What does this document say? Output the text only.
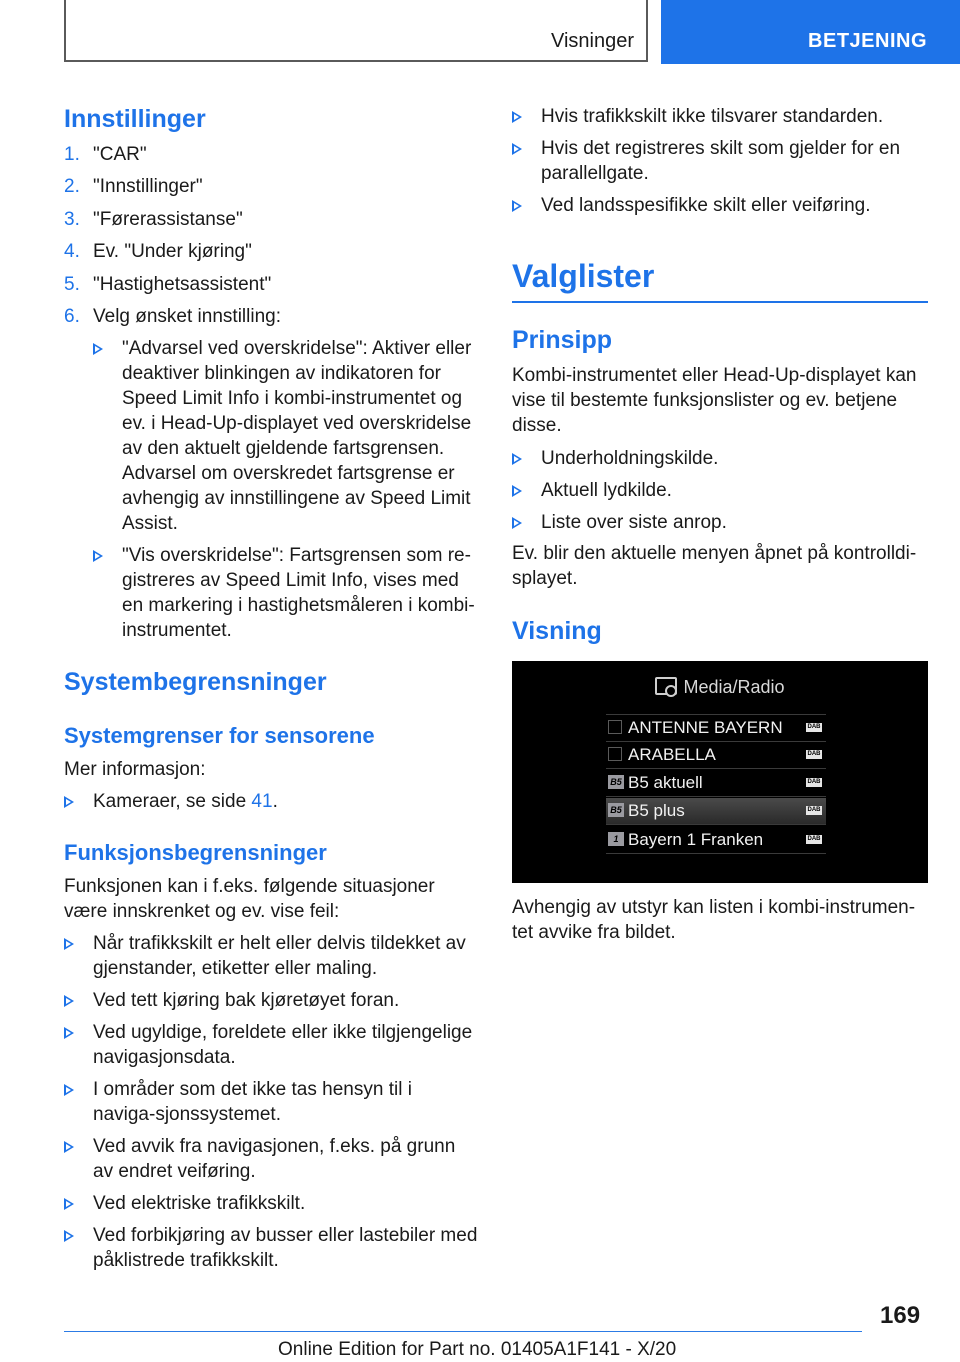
Visninger	BETJENING
Innstillinger
1. "CAR"
2. "Innstillinger"
3. "Førerassistanse"
4. Ev. "Under kjøring"
5. "Hastighetsassistent"
6. Velg ønsket innstilling:
"Advarsel ved overskridelse": Aktiver eller deaktiver blinkingen av indikatoren for Speed Limit Info i kombi-instrumentet og ev. i Head-Up-displayet ved overskridelse av den aktuelt gjeldende fartsgrensen. Advarsel om overskredet fartsgrense er avhengig av innstillingene av Speed Limit Assist.
"Vis overskridelse": Fartsgrensen som re-gistreres av Speed Limit Info, vises med en markering i hastighetsmåleren i kombi-instrumentet.
Systembegrensninger
Systemgrenser for sensorene
Mer informasjon:
Kameraer, se side 41.
Funksjonsbegrensninger
Funksjonen kan i f.eks. følgende situasjoner være innskrenket og ev. vise feil:
Når trafikkskilt er helt eller delvis tildekket av gjenstander, etiketter eller maling.
Ved tett kjøring bak kjøretøyet foran.
Ved ugyldige, foreldete eller ikke tilgjengelige navigasjonsdata.
I områder som det ikke tas hensyn til i naviga-sjonssystemet.
Ved avvik fra navigasjonen, f.eks. på grunn av endret veiføring.
Ved elektriske trafikkskilt.
Ved forbikjøring av busser eller lastebiler med påklistrede trafikkskilt.
Hvis trafikkskilt ikke tilsvarer standarden.
Hvis det registreres skilt som gjelder for en parallellgate.
Ved landsspesifikke skilt eller veiføring.
Valglister
Prinsipp
Kombi-instrumentet eller Head-Up-displayet kan vise til bestemte funksjonslister og ev. betjene disse.
Underholdningskilde.
Aktuell lydkilde.
Liste over siste anrop.
Ev. blir den aktuelle menyen åpnet på kontrolldi-splayet.
Visning
Media/Radio
ANTENNE BAYERN	DAB
ARABELLA	DAB
B5 B5 aktuell	DAB
B5 B5 plus	DAB
1 Bayern 1 Franken	DAB
Avhengig av utstyr kan listen i kombi-instrumen-tet avvike fra bildet.
169
Online Edition for Part no. 01405A1F141 - X/20
